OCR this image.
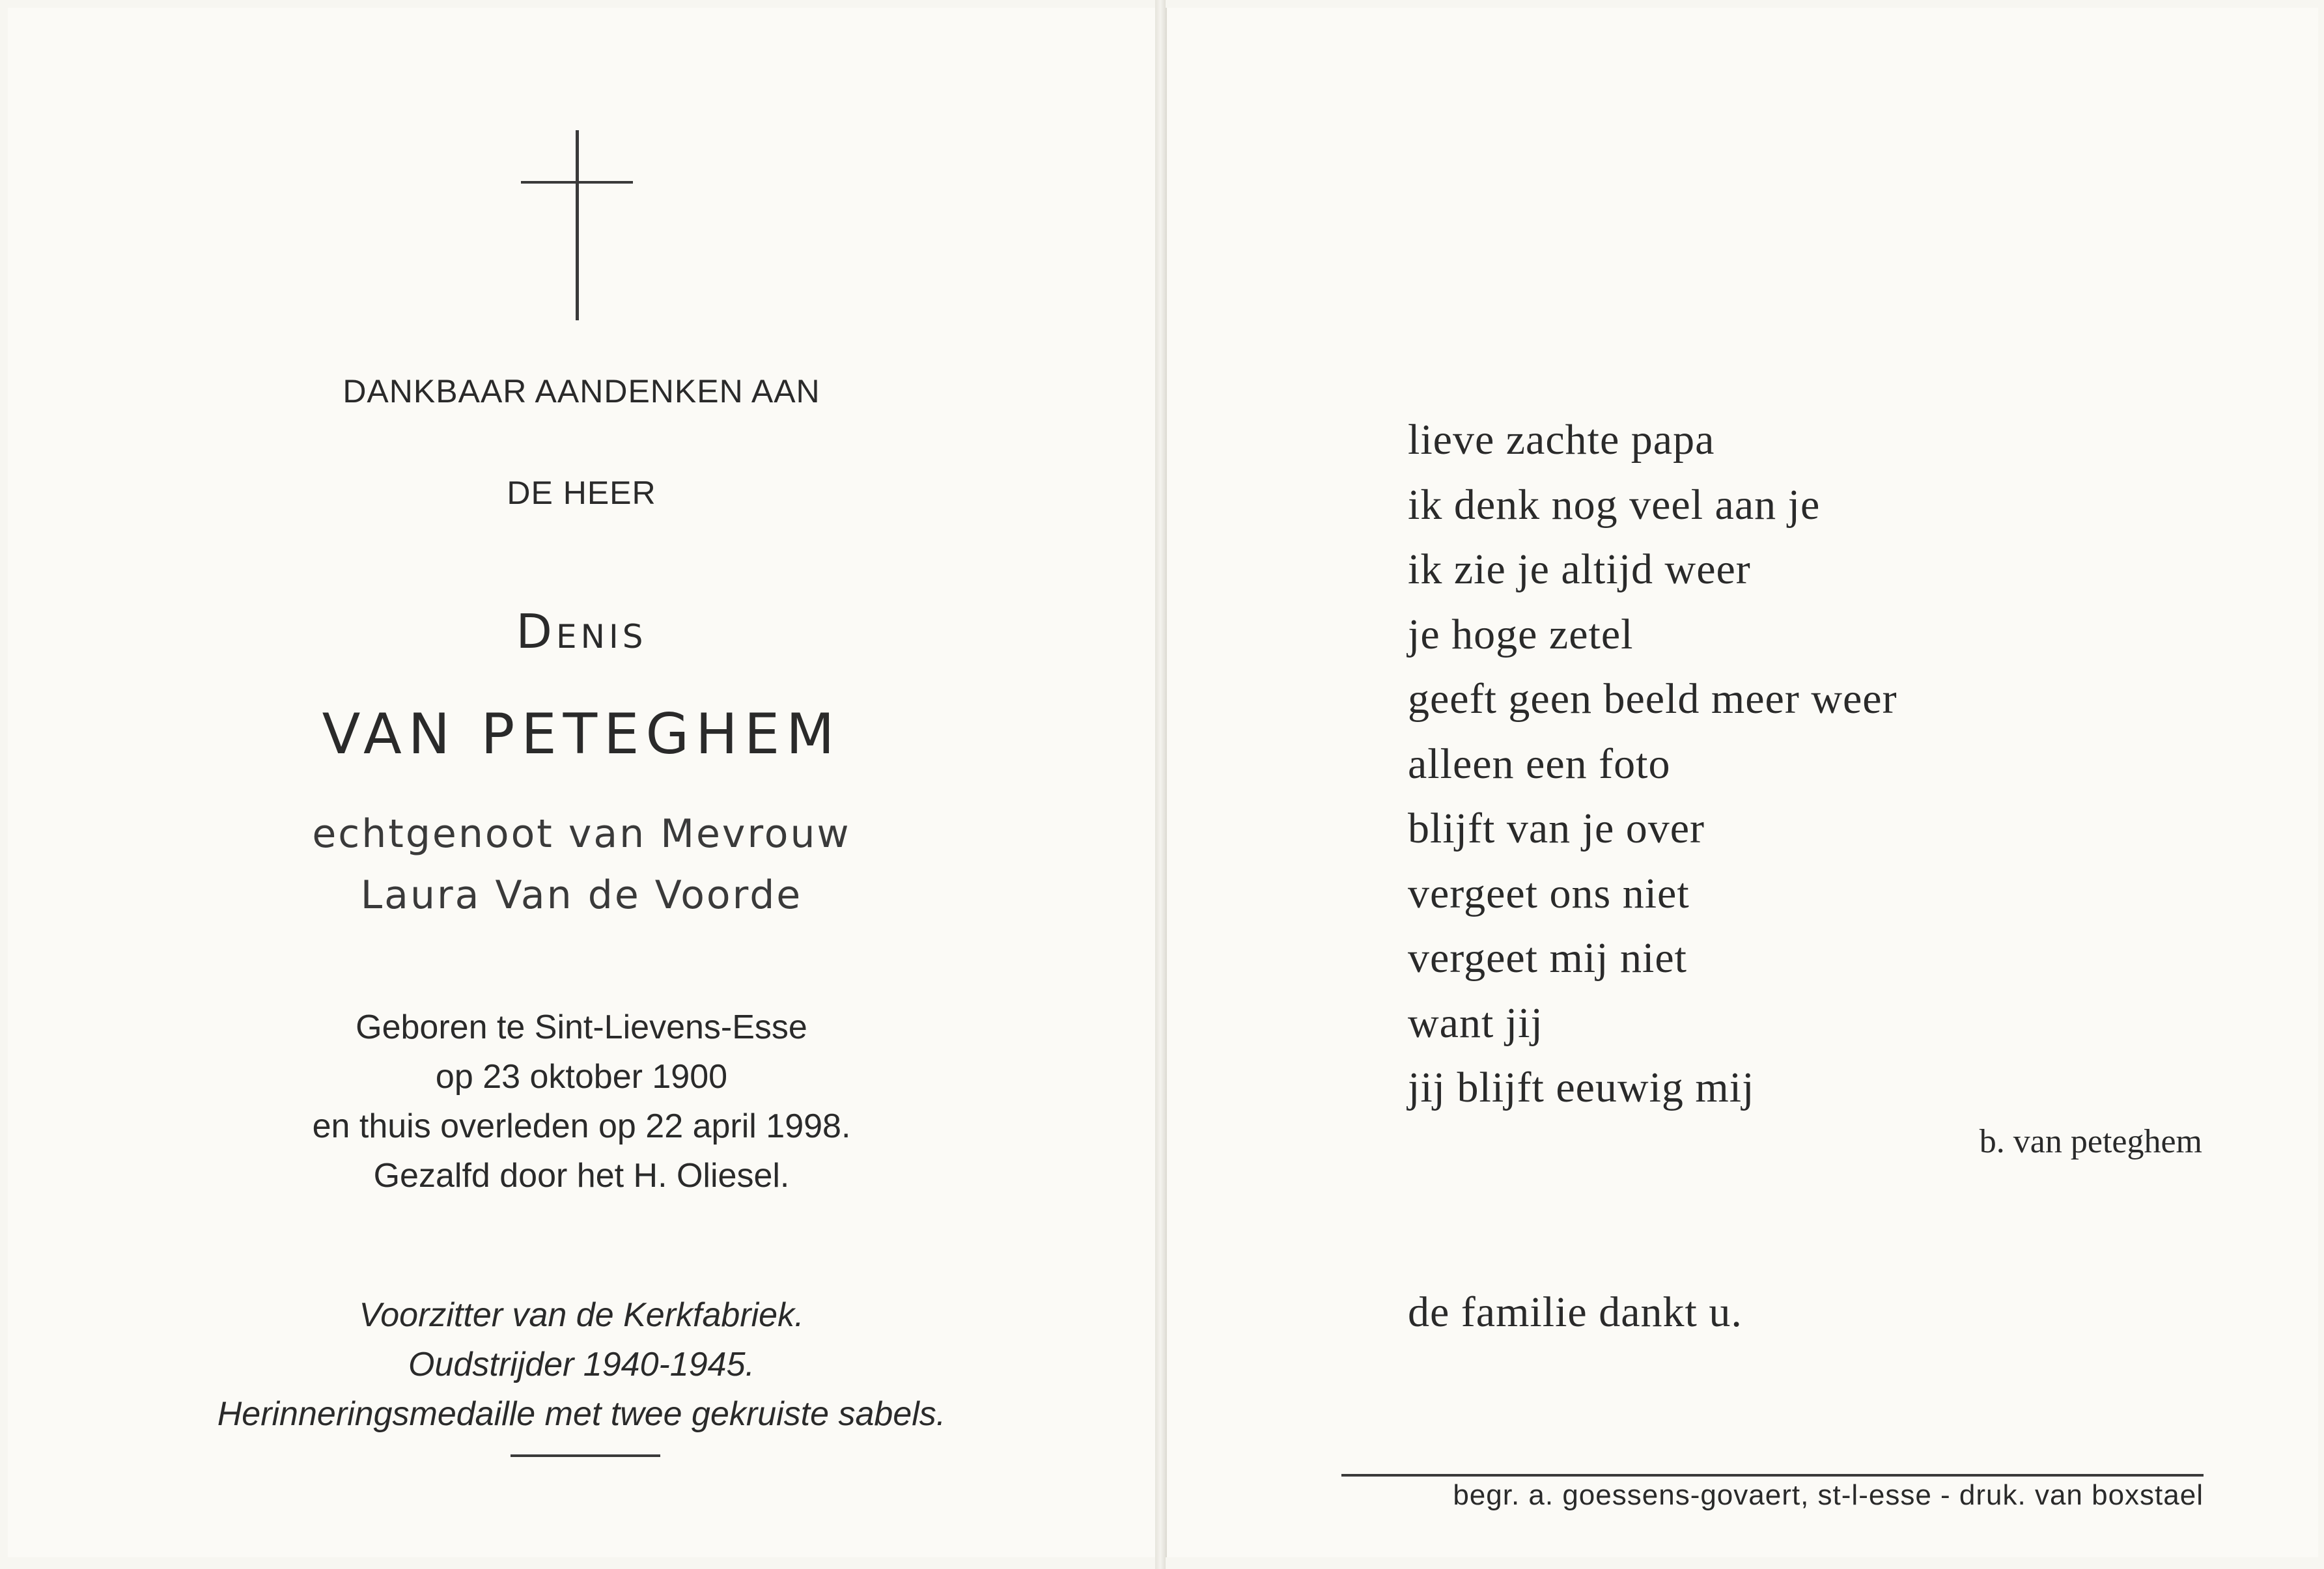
DANKBAAR AANDENKEN AAN
DE HEER
Denis
VAN PETEGHEM
echtgenoot van Mevrouw
Laura Van de Voorde
Geboren te Sint-Lievens-Esse
op 23 oktober 1900
en thuis overleden op 22 april 1998.
Gezalfd door het H. Oliesel.
Voorzitter van de Kerkfabriek.
Oudstrijder 1940-1945.
Herinneringsmedaille met twee gekruiste sabels.
lieve zachte papa
ik denk nog veel aan je
ik zie je altijd weer
je hoge zetel
geeft geen beeld meer weer
alleen een foto
blijft van je over
vergeet ons niet
vergeet mij niet
want jij
jij blijft eeuwig mij
b. van peteghem
de familie dankt u.
begr. a. goessens-govaert, st-l-esse - druk. van boxstael
